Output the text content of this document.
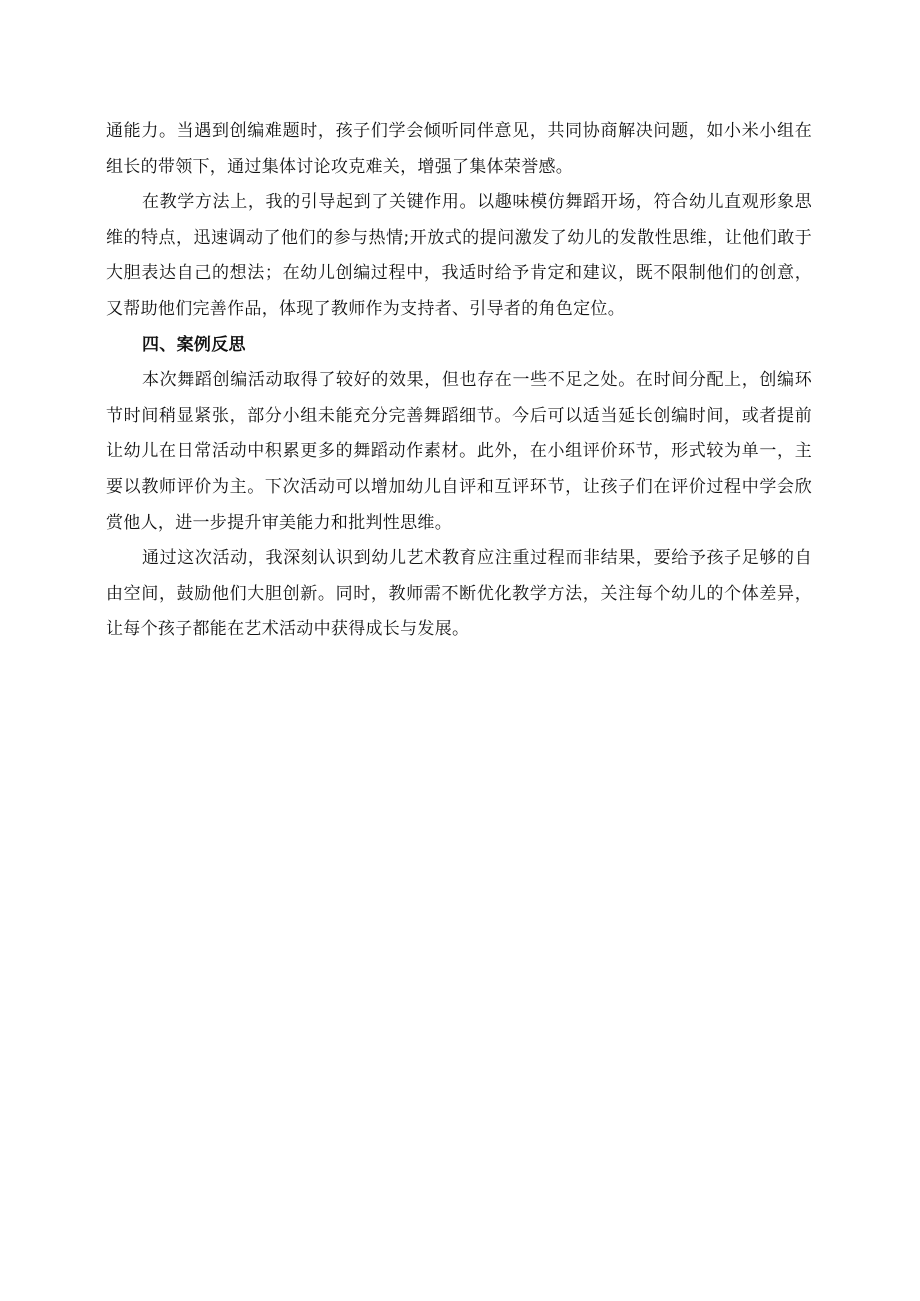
通能力。当遇到创编难题时，孩子们学会倾听同伴意见，共同协商解决问题，如小米小组在组长的带领下，通过集体讨论攻克难关，增强了集体荣誉感。

在教学方法上，我的引导起到了关键作用。以趣味模仿舞蹈开场，符合幼儿直观形象思维的特点，迅速调动了他们的参与热情;开放式的提问激发了幼儿的发散性思维，让他们敢于大胆表达自己的想法；在幼儿创编过程中，我适时给予肯定和建议，既不限制他们的创意，又帮助他们完善作品，体现了教师作为支持者、引导者的角色定位。

四、案例反思

本次舞蹈创编活动取得了较好的效果，但也存在一些不足之处。在时间分配上，创编环节时间稍显紧张，部分小组未能充分完善舞蹈细节。今后可以适当延长创编时间，或者提前让幼儿在日常活动中积累更多的舞蹈动作素材。此外，在小组评价环节，形式较为单一，主要以教师评价为主。下次活动可以增加幼儿自评和互评环节，让孩子们在评价过程中学会欣赏他人，进一步提升审美能力和批判性思维。

通过这次活动，我深刻认识到幼儿艺术教育应注重过程而非结果，要给予孩子足够的自由空间，鼓励他们大胆创新。同时，教师需不断优化教学方法，关注每个幼儿的个体差异，让每个孩子都能在艺术活动中获得成长与发展。
